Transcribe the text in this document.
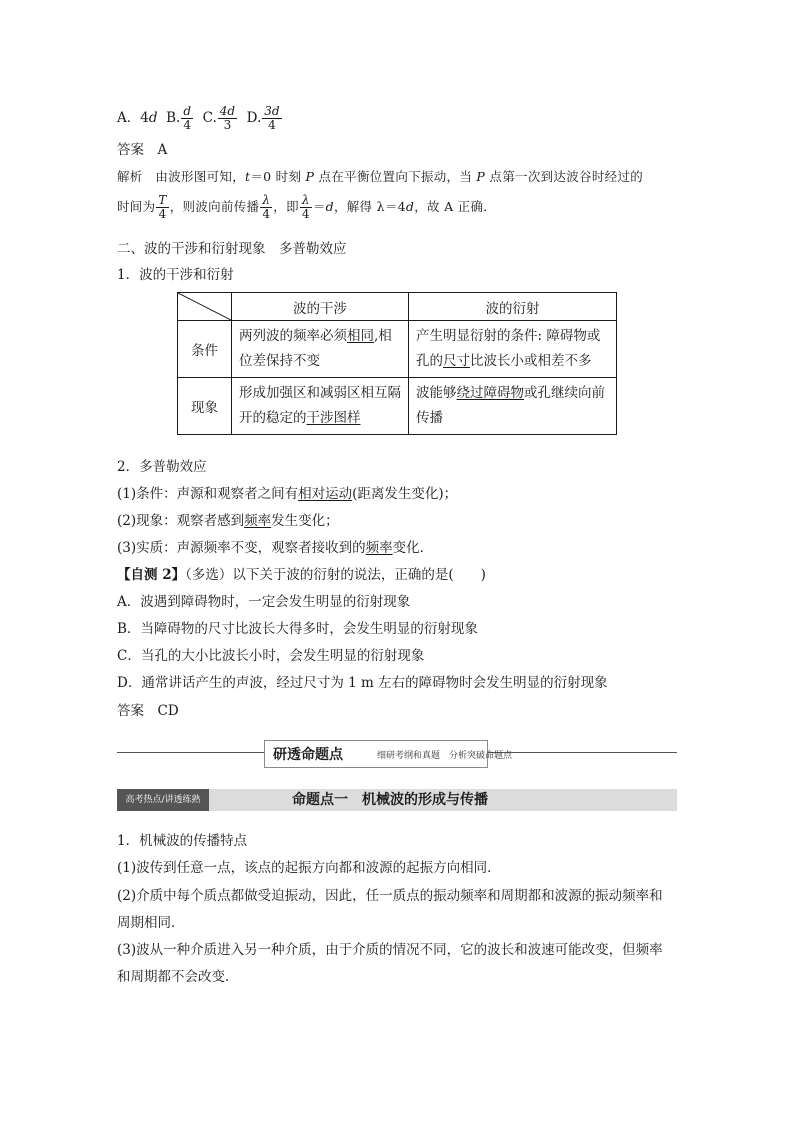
A．4d B. $\frac{d}{4} C$. $\frac{4d}{3} D$. $\frac{3d}{4}$
答案　A
解析　由波形图可知，t＝0 时刻 P 点在平衡位置向下振动，当 P 点第一次到达波谷时经过的
时间为 $\frac{T}{4}$ ，则波向前传播 $\frac{\lambda}{4}$ ，即 $\frac{\lambda}{4} =d$，解得 λ＝4d，故 A 正确．
二、波的干涉和衍射现象　多普勒效应
1．波的干涉和衍射
	波的干涉	波的衍射
条件	两列波的频率必须相同,相位差保持不变	产生明显衍射的条件: 障碍物或孔的尺寸比波长小或相差不多
现象	形成加强区和减弱区相互隔开的稳定的干涉图样	波能够绕过障碍物或孔继续向前传播
2．多普勒效应
(1)条件：声源和观察者之间有相对运动(距离发生变化)；
(2)现象：观察者感到频率发生变化；
(3)实质：声源频率不变，观察者接收到的频率变化．
【自测 2】（多选）以下关于波的衍射的说法，正确的是(　　)
A．波遇到障碍物时，一定会发生明显的衍射现象
B．当障碍物的尺寸比波长大得多时，会发生明显的衍射现象
C．当孔的大小比波长小时，会发生明显的衍射现象
D．通常讲话产生的声波，经过尺寸为 1 m 左右的障碍物时会发生明显的衍射现象
答案　CD
研透命题点	细研考纲和真题　分析突破命题点
高考热点/讲透练熟	命题点一　机械波的形成与传播
1．机械波的传播特点
(1)波传到任意一点，该点的起振方向都和波源的起振方向相同．
(2)介质中每个质点都做受迫振动，因此，任一质点的振动频率和周期都和波源的振动频率和
周期相同．
(3)波从一种介质进入另一种介质，由于介质的情况不同，它的波长和波速可能改变，但频率
和周期都不会改变．
